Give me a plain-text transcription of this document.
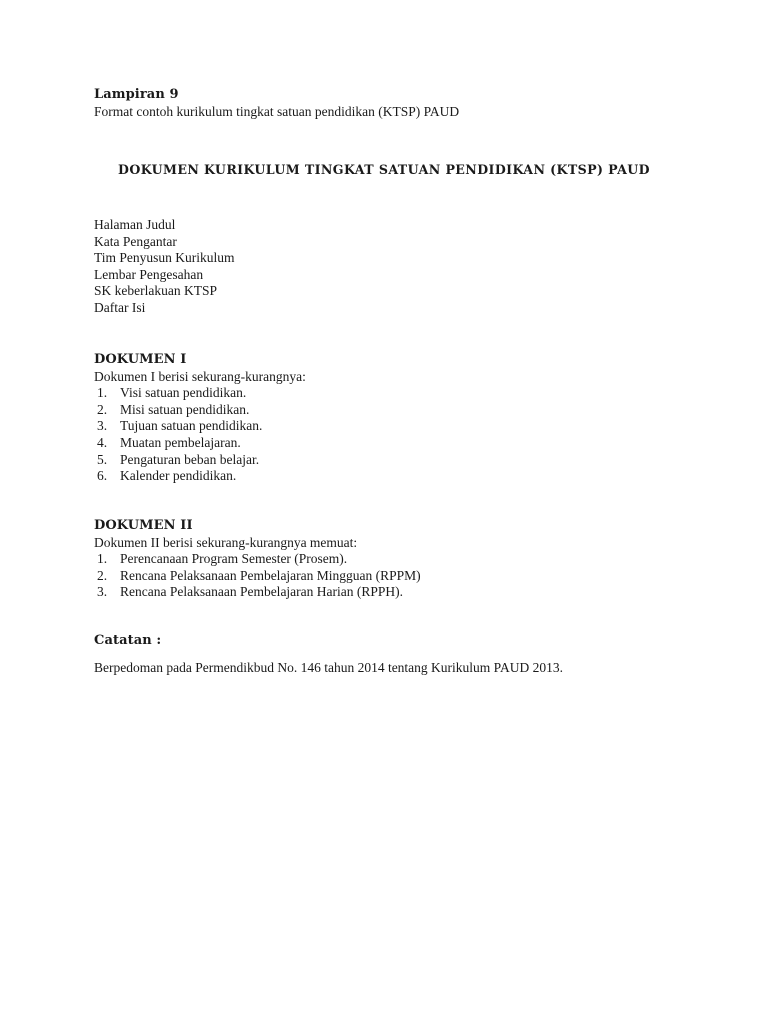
Lampiran 9
Format contoh kurikulum tingkat satuan pendidikan (KTSP) PAUD
DOKUMEN KURIKULUM TINGKAT SATUAN PENDIDIKAN (KTSP) PAUD
Halaman Judul
Kata Pengantar
Tim Penyusun Kurikulum
Lembar Pengesahan
SK keberlakuan KTSP
Daftar Isi
DOKUMEN I
Dokumen I berisi sekurang-kurangnya:
1. Visi satuan pendidikan.
2. Misi satuan pendidikan.
3. Tujuan satuan pendidikan.
4. Muatan pembelajaran.
5. Pengaturan beban belajar.
6. Kalender pendidikan.
DOKUMEN II
Dokumen II berisi sekurang-kurangnya memuat:
1. Perencanaan Program Semester (Prosem).
2. Rencana Pelaksanaan Pembelajaran Mingguan (RPPM)
3. Rencana Pelaksanaan Pembelajaran Harian (RPPH).
Catatan :
Berpedoman pada Permendikbud No. 146 tahun 2014 tentang Kurikulum PAUD 2013.
